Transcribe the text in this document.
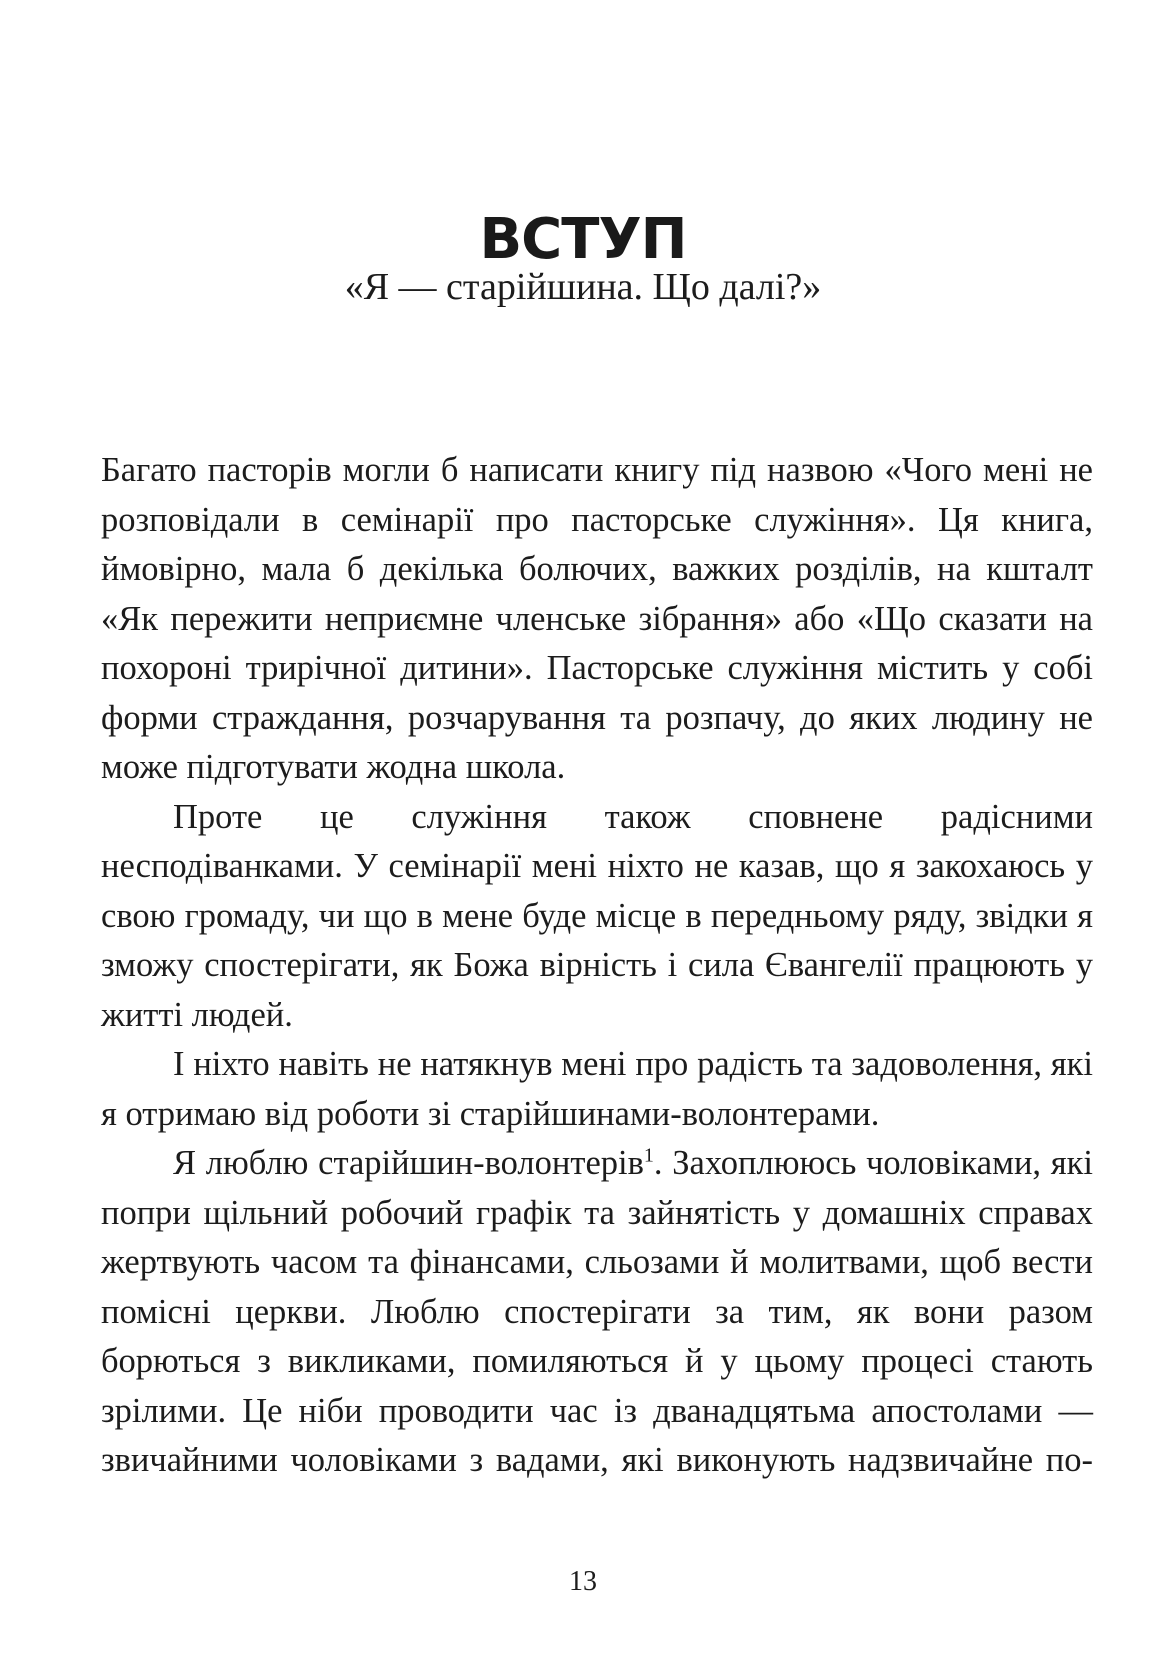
ВСТУП
«Я — старійшина. Що далі?»

Багато пасторів могли б написати книгу під назвою «Чого мені не розповідали в семінарії про пасторське служіння». Ця книга, ймовірно, мала б декілька болючих, важких розділів, на кшталт «Як пережити неприємне членське зібрання» або «Що сказати на похороні трирічної дитини». Пасторське служіння містить у собі форми страждання, розчарування та розпачу, до яких людину не може підготувати жодна школа.

Проте це служіння також сповнене радісними несподіванками. У семінарії мені ніхто не казав, що я закохаюсь у свою громаду, чи що в мене буде місце в передньому ряду, звідки я зможу спостерігати, як Божа вірність і сила Євангелії працюють у житті людей.

І ніхто навіть не натякнув мені про радість та задоволення, які я отримаю від роботи зі старійшинами-волонтерами.

Я люблю старійшин-волонтерів$^1$. Захоплююсь чоловіками, які попри щільний робочий графік та зайнятість у домашніх справах жертвують часом та фінансами, сльозами й молитвами, щоб вести помісні церкви. Люблю спостерігати за тим, як вони разом борються з викликами, помиляються й у цьому процесі стають зрілими. Це ніби проводити час із дванадцятьма апостолами — звичайними чоловіками з вадами, які виконують надзвичайне по-

13
